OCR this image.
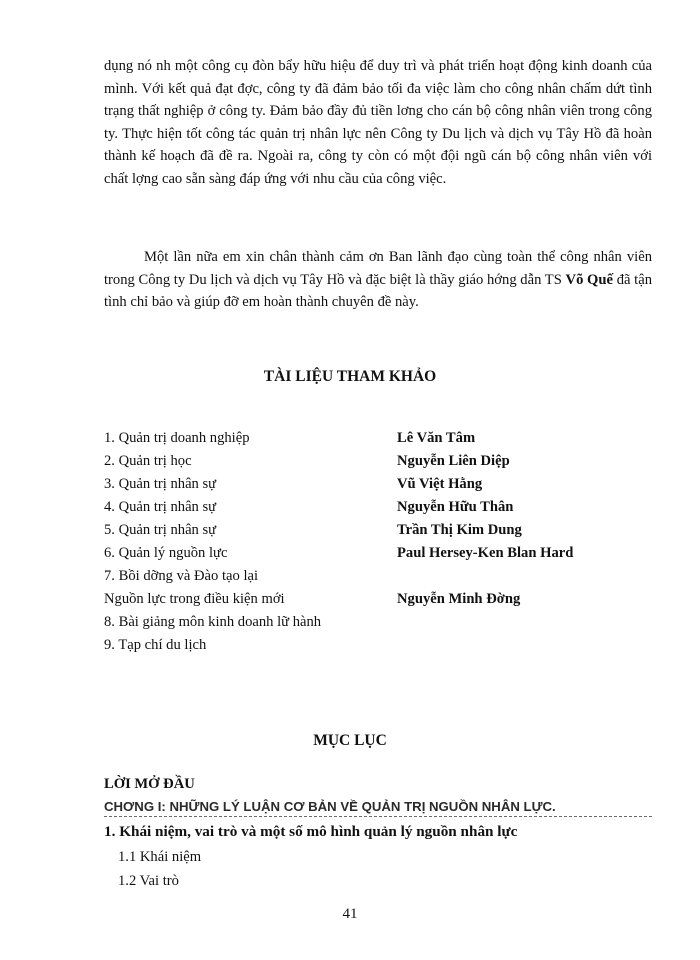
dụng nó nh một công cụ đòn bẩy hữu hiệu để duy trì và phát triển hoạt động kinh doanh của mình. Với kết quả đạt đợc, công ty đã đảm bảo tối đa việc làm cho công nhân chấm dứt tình trạng thất nghiệp ở công ty. Đảm bảo đầy đủ tiền lơng cho cán bộ công nhân viên trong công ty. Thực hiện tốt công tác quản trị nhân lực nên Công ty Du lịch và dịch vụ Tây Hồ đã hoàn thành kế hoạch đã đề ra. Ngoài ra, công ty còn có một đội ngũ cán bộ công nhân viên với chất lợng cao sẵn sàng đáp ứng với nhu cầu của công việc.
Một lần nữa em xin chân thành cảm ơn Ban lãnh đạo cùng toàn thể công nhân viên trong Công ty Du lịch và dịch vụ Tây Hồ và đặc biệt là thầy giáo hớng dẫn TS Võ Quế đã tận tình chỉ bảo và giúp đỡ em hoàn thành chuyên đề này.
TÀI LIỆU THAM KHẢO
1. Quản trị doanh nghiệp	Lê Văn Tâm
2. Quản trị học	Nguyễn Liên Diệp
3. Quản trị nhân sự	Vũ Việt Hằng
4. Quản trị nhân sự	Nguyễn Hữu Thân
5. Quản trị nhân sự	Trần Thị Kim Dung
6. Quản lý nguồn lực	Paul Hersey-Ken Blan Hard
7. Bồi dỡng và Đào tạo lại
Nguồn lực trong điều kiện mới	Nguyễn Minh Đờng
8. Bài giảng môn kinh doanh lữ hành
9. Tạp chí du lịch
MỤC LỤC
LỜI MỞ ĐẦU
CHƠNG I: NHỮNG LÝ LUẬN CƠ BẢN VỀ QUẢN TRỊ NGUỒN NHÂN LỰC.
1. Khái niệm, vai trò và một số mô hình quản lý nguồn nhân lực
1.1 Khái niệm
1.2 Vai trò
41
